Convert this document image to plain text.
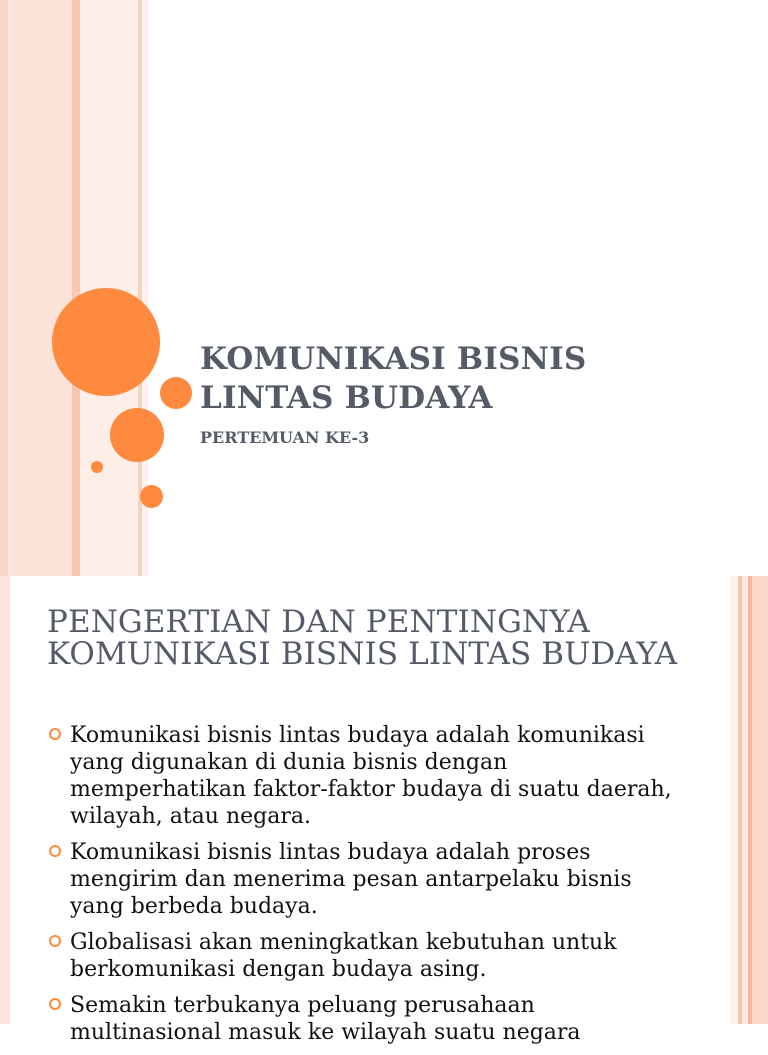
KOMUNIKASI BISNIS LINTAS BUDAYA
PERTEMUAN KE-3
PENGERTIAN DAN PENTINGNYA KOMUNIKASI BISNIS LINTAS BUDAYA
Komunikasi bisnis lintas budaya adalah komunikasi yang digunakan di dunia bisnis dengan memperhatikan faktor-faktor budaya di suatu daerah, wilayah, atau negara.
Komunikasi bisnis lintas budaya adalah proses mengirim dan menerima pesan antarpelaku bisnis yang berbeda budaya.
Globalisasi akan meningkatkan kebutuhan untuk berkomunikasi dengan budaya asing.
Semakin terbukanya peluang perusahaan multinasional masuk ke wilayah suatu negara
